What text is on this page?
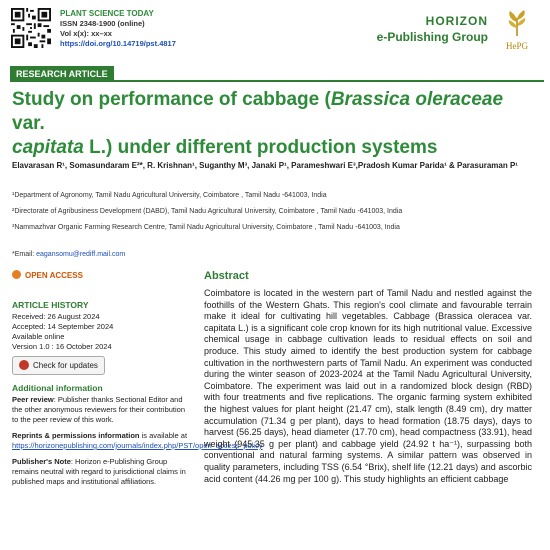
PLANT SCIENCE TODAY
ISSN 2348-1900 (online)
Vol x(x): xx–xx
https://doi.org/10.14719/pst.4817
HORIZON
e-Publishing Group
HePG
RESEARCH ARTICLE
Study on performance of cabbage (Brassica oleraceae var.
capitata L.) under different production systems
Elavarasan R¹, Somasundaram E²*, R. Krishnan¹, Suganthy M³, Janaki P¹, Parameshwari E³,Pradosh Kumar Parida¹ & Parasuraman P¹
¹Department of Agronomy, Tamil Nadu Agricultural University, Coimbatore , Tamil Nadu -641003, India
²Directorate of Agribusiness Development (DABD), Tamil Nadu Agricultural University, Coimbatore , Tamil Nadu -641003, India
³Nammazhvar Organic Farming Research Centre, Tamil Nadu Agricultural University, Coimbatore , Tamil Nadu -641003, India
*Email: eagansomu@rediff.mail.com
OPEN ACCESS
ARTICLE HISTORY
Received: 26 August 2024
Accepted: 14 September 2024
Available online
Version 1.0 : 16 October 2024
Check for updates
Additional information

Peer review: Publisher thanks Sectional Editor and the other anonymous reviewers for their contribution to the peer review of this work.

Reprints & permissions information is available at https://horizonepublishing.com/journals/index.php/PST/open_access_policy

Publisher's Note: Horizon e-Publishing Group remains neutral with regard to jurisdictional claims in published maps and institutional affiliations.

Abstract
Coimbatore is located in the western part of Tamil Nadu and nestled against the foothills of the Western Ghats. This region's cool climate and favourable terrain make it ideal for cultivating hill vegetables. Cabbage (Brassica oleracea var. capitata L.) is a significant cole crop known for its high nutritional value. Excessive chemical usage in cabbage cultivation leads to residual effects on soil and produce. This study aimed to identify the best production system for cabbage cultivation in the northwestern parts of Tamil Nadu. An experiment was conducted during the winter season of 2023-2024 at the Tamil Nadu Agricultural University, Coimbatore. The experiment was laid out in a randomized block design (RBD) with four treatments and five replications. The organic farming system exhibited the highest values for plant height (21.47 cm), stalk length (8.49 cm), dry matter accumulation (71.34 g per plant), days to head formation (18.75 days), days to harvest (56.25 days), head diameter (17.70 cm), head compactness (33.91), head weight (945.35 g per plant) and cabbage yield (24.92 t ha⁻¹), surpassing both conventional and natural farming systems. A similar pattern was observed in quality parameters, including TSS (6.54 °Brix), shelf life (12.21 days) and ascorbic acid content (44.26 mg per 100 g). This study highlights an efficient cabbage
